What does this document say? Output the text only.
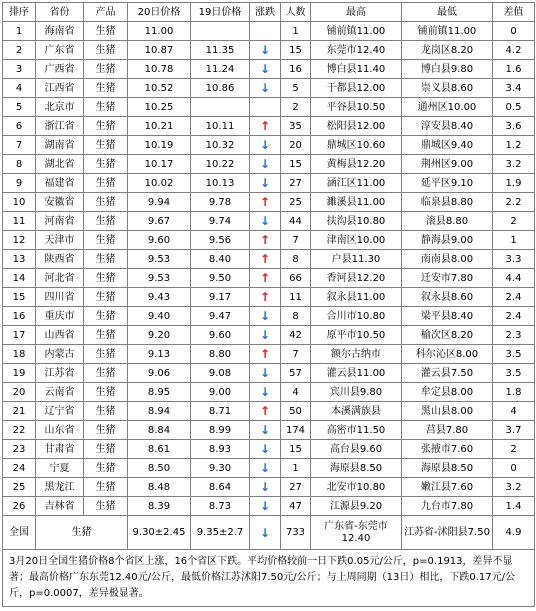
排序	省份	产品	20日价格	19日价格	涨跌	人数	最高	最低	差值
1	海南省	生猪	11.00			1	铺前镇11.00	铺前镇11.00	0
2	广东省	生猪	10.87	11.35	↓	15	东莞市12.40	龙岗区8.20	4.2
3	广西省	生猪	10.78	11.24	↓	16	博白县11.40	博白县9.80	1.6
4	江西省	生猪	10.52	10.86	↓	5	于都县12.00	崇义县8.60	3.4
5	北京市	生猪	10.25			2	平谷县10.50	通州区10.00	0.5
6	浙江省	生猪	10.21	10.11	↑	35	松阳县12.00	淳安县8.40	3.6
7	湖南省	生猪	10.19	10.32	↓	20	鼎城区10.60	鼎城区9.40	1.2
8	湖北省	生猪	10.17	10.22	↓	15	黄梅县12.20	荆州区9.00	3.2
9	福建省	生猪	10.02	10.13	↓	27	涵江区11.00	延平区9.10	1.9
10	安徽省	生猪	9.94	9.78	↑	25	濉溪县11.00	临泉县8.80	2.2
11	河南省	生猪	9.67	9.74	↓	44	扶沟县10.80	滚县8.80	2
12	天津市	生猪	9.60	9.56	↑	7	津南区10.00	静海县9.00	1
13	陕西省	生猪	9.53	8.40	↑	8	户县11.30	南南县8.00	3.3
14	河北省	生猪	9.53	9.50	↑	66	香河县12.20	迁安市7.80	4.4
15	四川省	生猪	9.43	9.17	↑	11	叙永县11.00	叙永县8.60	2.4
16	重庆市	生猪	9.40	9.47	↓	8	合川市10.80	梁平县8.40	2.4
17	山西省	生猪	9.20	9.60	↓	42	原平市10.50	榆次区8.20	2.3
18	内蒙古	生猪	9.13	8.80	↑	7	额尔古纳市	科尔沁区8.00	3.5
19	江苏省	生猪	9.06	9.08	↓	57	灌云县11.00	灌云县7.50	3.5
20	云南省	生猪	8.95	9.00	↓	4	宾川县9.80	牟定县8.00	1.8
21	辽宁省	生猪	8.94	8.71	↑	50	本溪满族县	黑山县8.00	4
22	山东省	生猪	8.84	8.99	↓	174	高密市11.50	莒县7.80	3.7
23	甘肃省	生猪	8.61	8.93	↓	15	高台县9.60	张掖市7.60	2
24	宁夏	生猪	8.50	9.30	↓	1	海原县8.50	海原县8.50	0
25	黑龙江	生猪	8.48	8.64	↓	27	北安市10.80	嫩江县7.60	3.2
26	吉林省	生猪	8.39	8.73	↓	47	江源县9.20	九台市7.80	1.4
全国	生猪		9.30±2.45	9.35±2.7	↓	733	广东省-东莞市12.40	江苏省-沭阳县7.50	4.9
3月20日全国生猪价格8个省区上涨，16个省区下跌。平均价格较前一日下跌0.05元/公斤，p=0.1913，差异不显著；最高价格广东东莞12.40元/公斤，最低价格江苏沭阳7.50元/公斤；与上周同期（13日）相比，下跌0.17元/公斤，p=0.0007，差异极显著。									
